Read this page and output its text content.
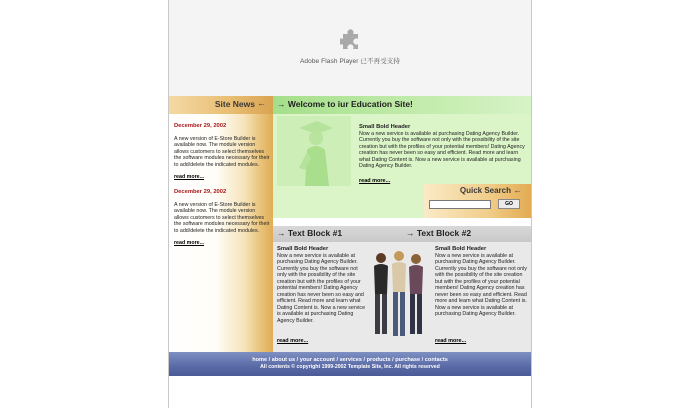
Adobe Flash Player 已不再受支持
Site News ←
December 29, 2002
A new version of E-Store Builder is available now. The module version allows customers to select themselves the software modules necessary for their to add/delete the indicated modules.
read more...
December 29, 2002
A new version of E-Store Builder is available now. The module version allows customers to select themselves the software modules necessary for their to add/delete the indicated modules.
read more...
→ Welcome to iur Education Site!
Small Bold Header
Now a new service is available at purchasing Dating Agency Builder. Currently you buy the software not only with the possibility of the site creation but with the profiles of your potential members! Dating Agency creation has never been so easy and efficient. Read more and learn what Dating Content is. Now a new service is available at purchasing Dating Agency Builder.
read more...
Quick Search ←
GO
→ Text Block #1	→ Text Block #2
Small Bold Header
Now a new service is available at purchasing Dating Agency Builder. Currently you buy the software not only with the possibility of the site creation but with the profiles of your potential members! Dating Agency creation has never been so easy and efficient. Read more and learn what Dating Content is. Now a new service is available at purchasing Dating Agency Builder.
read more...
Small Bold Header
Now a new service is available at purchasing Dating Agency Builder. Currently you buy the software not only with the possibility of the site creation but with the profiles of your potential members! Dating Agency creation has never been so easy and efficient. Read more and learn what Dating Content is. Now a new service is available at purchasing Dating Agency Builder.
read more...
home / about us / your account / services / products / purchase / contacts
All contents © copyright 1999-2002 Template Site, Inc. All rights reserved
